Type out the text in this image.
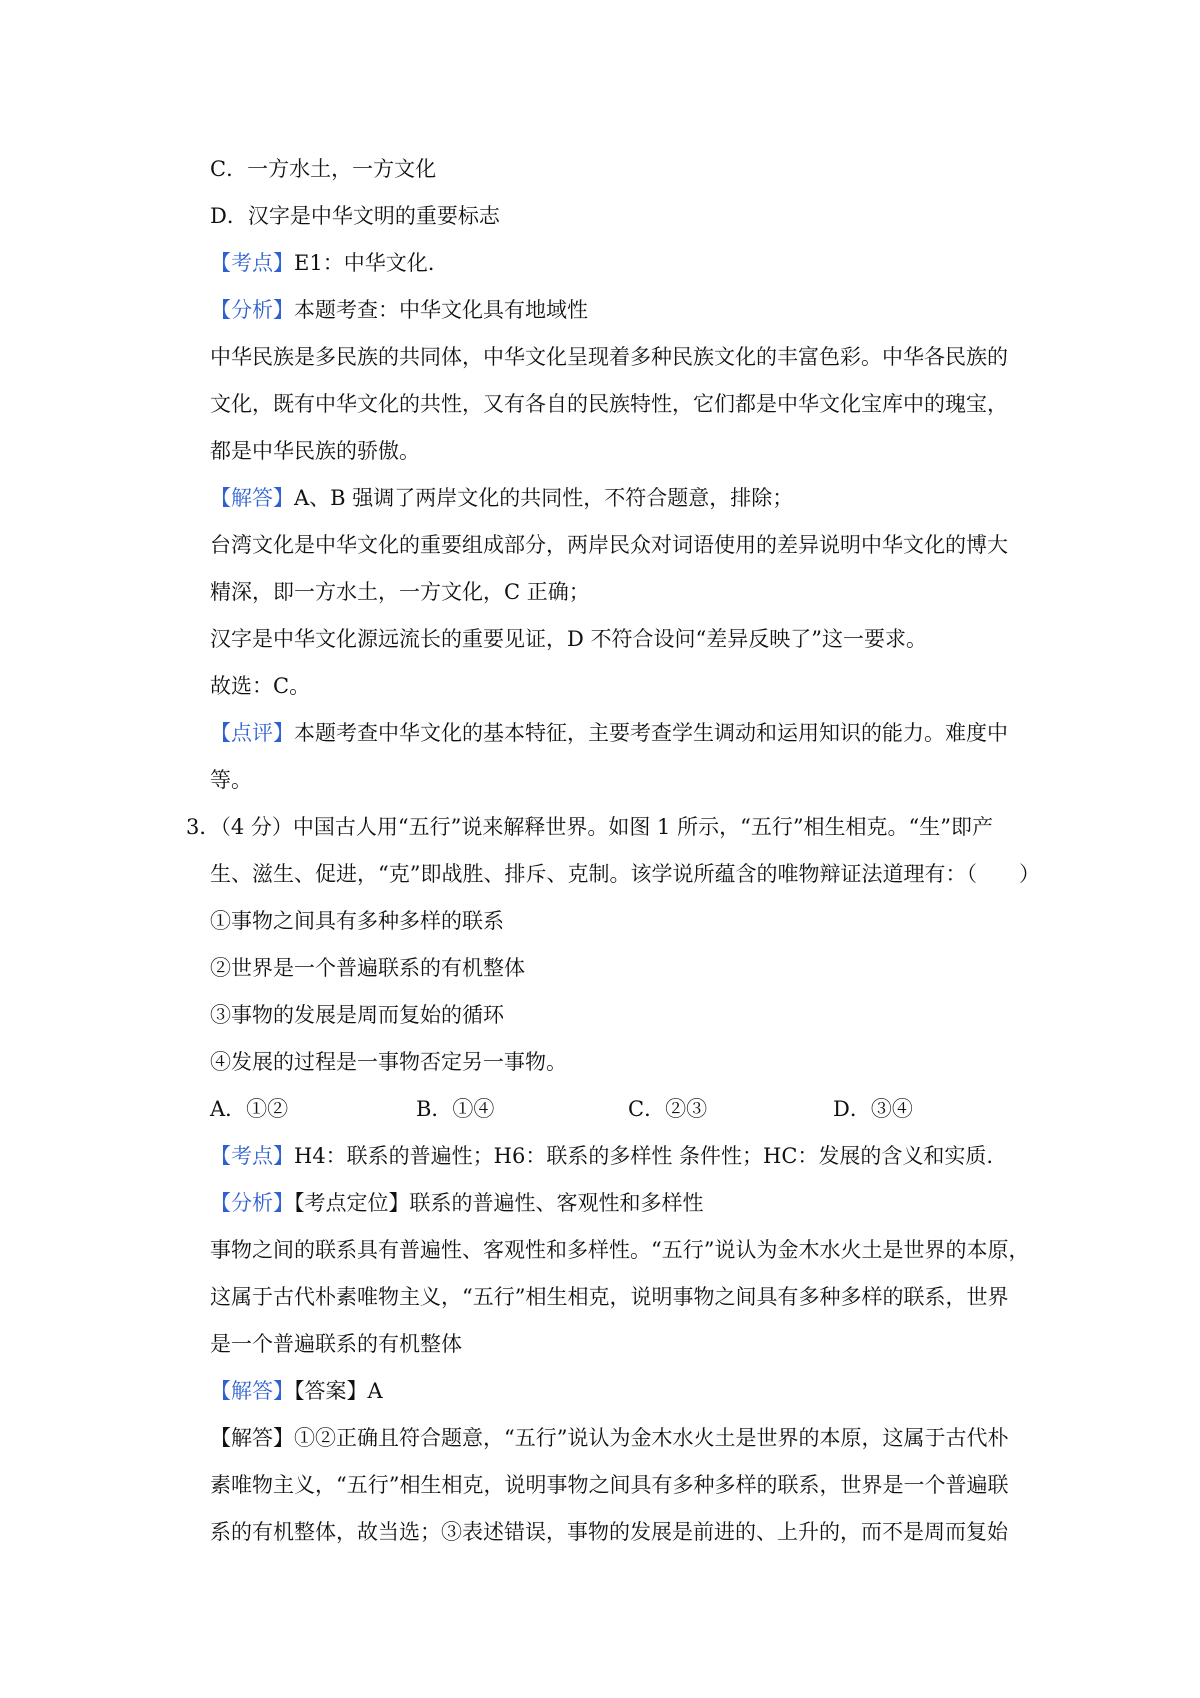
C．一方水土，一方文化
D．汉字是中华文明的重要标志
【考点】E1：中华文化.
【分析】本题考查：中华文化具有地域性
中华民族是多民族的共同体，中华文化呈现着多种民族文化的丰富色彩。中华各民族的
文化，既有中华文化的共性，又有各自的民族特性，它们都是中华文化宝库中的瑰宝，
都是中华民族的骄傲。
【解答】A、B 强调了两岸文化的共同性，不符合题意，排除；
台湾文化是中华文化的重要组成部分，两岸民众对词语使用的差异说明中华文化的博大
精深，即一方水土，一方文化，C 正确；
汉字是中华文化源远流长的重要见证，D 不符合设问“差异反映了”这一要求。
故选：C。
【点评】本题考查中华文化的基本特征，主要考查学生调动和运用知识的能力。难度中
等。
3．（4 分）中国古人用“五行”说来解释世界。如图 1 所示，“五行”相生相克。“生”即产
生、滋生、促进，“克”即战胜、排斥、克制。该学说所蕴含的唯物辩证法道理有：（　　）
①事物之间具有多种多样的联系
②世界是一个普遍联系的有机整体
③事物的发展是周而复始的循环
④发展的过程是一事物否定另一事物。
A．①②	B．①④	C．②③	D．③④
【考点】H4：联系的普遍性；H6：联系的多样性 条件性；HC：发展的含义和实质.
【分析】【考点定位】联系的普遍性、客观性和多样性
事物之间的联系具有普遍性、客观性和多样性。“五行”说认为金木水火土是世界的本原，
这属于古代朴素唯物主义，“五行”相生相克，说明事物之间具有多种多样的联系，世界
是一个普遍联系的有机整体
【解答】【答案】A
【解答】①②正确且符合题意，“五行”说认为金木水火土是世界的本原，这属于古代朴
素唯物主义，“五行”相生相克，说明事物之间具有多种多样的联系，世界是一个普遍联
系的有机整体，故当选；③表述错误，事物的发展是前进的、上升的，而不是周而复始
